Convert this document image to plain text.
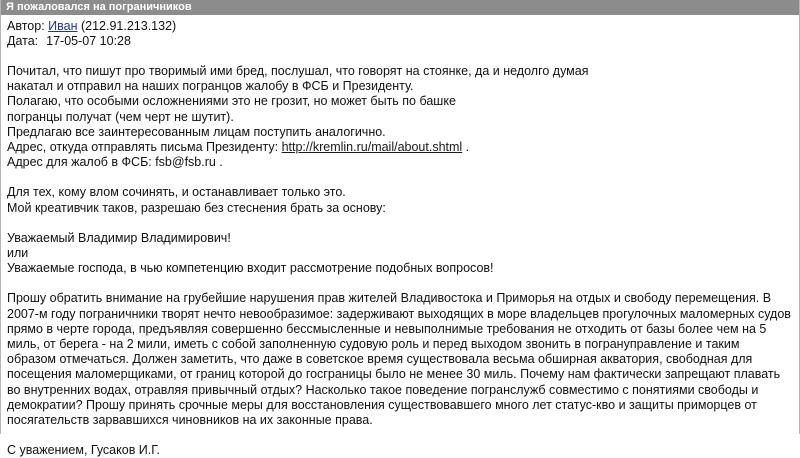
Я пожаловался на пограничников
Автор: Иван (212.91.213.132)
Дата: 17-05-07 10:28
Почитал, что пишут про творимый ими бред, послушал, что говорят на стоянке, да и недолго думая
накатал и отправил на наших погранцов жалобу в ФСБ и Президенту.
Полагаю, что особыми осложнениями это не грозит, но может быть по башке
погранцы получат (чем черт не шутит).
Предлагаю все заинтересованным лицам поступить аналогично.
Адрес, откуда отправлять письма Президенту: http://kremlin.ru/mail/about.shtml .
Адрес для жалоб в ФСБ: fsb@fsb.ru .
Для тех, кому влом сочинять, и останавливает только это.
Мой креативчик таков, разрешаю без стеснения брать за основу:
Уважаемый Владимир Владимирович!
или
Уважаемые господа, в чью компетенцию входит рассмотрение подобных вопросов!

Прошу обратить внимание на грубейшие нарушения прав жителей Владивостока и Приморья на отдых и свободу перемещения. В 2007-м году пограничники творят нечто невообразимое: задерживают выходящих в море владельцев прогулочных маломерных судов прямо в черте города, предъявляя совершенно бессмысленные и невыполнимые требования не отходить от базы более чем на 5 миль, от берега - на 2 мили, иметь с собой заполненную судовую роль и перед выходом звонить в погрануправление и таким образом отмечаться. Должен заметить, что даже в советское время существовала весьма обширная акватория, свободная для посещения маломерщиками, от границ которой до госграницы было не менее 30 миль. Почему нам фактически запрещают плавать во внутренних водах, отравляя привычный отдых? Насколько такое поведение погранслужб совместимо с понятиями свободы и демократии? Прошу принять срочные меры для восстановления существовавшего много лет статус-кво и защиты приморцев от посягательств зарвавшихся чиновников на их законные права.

С уважением, Гусаков И.Г.
